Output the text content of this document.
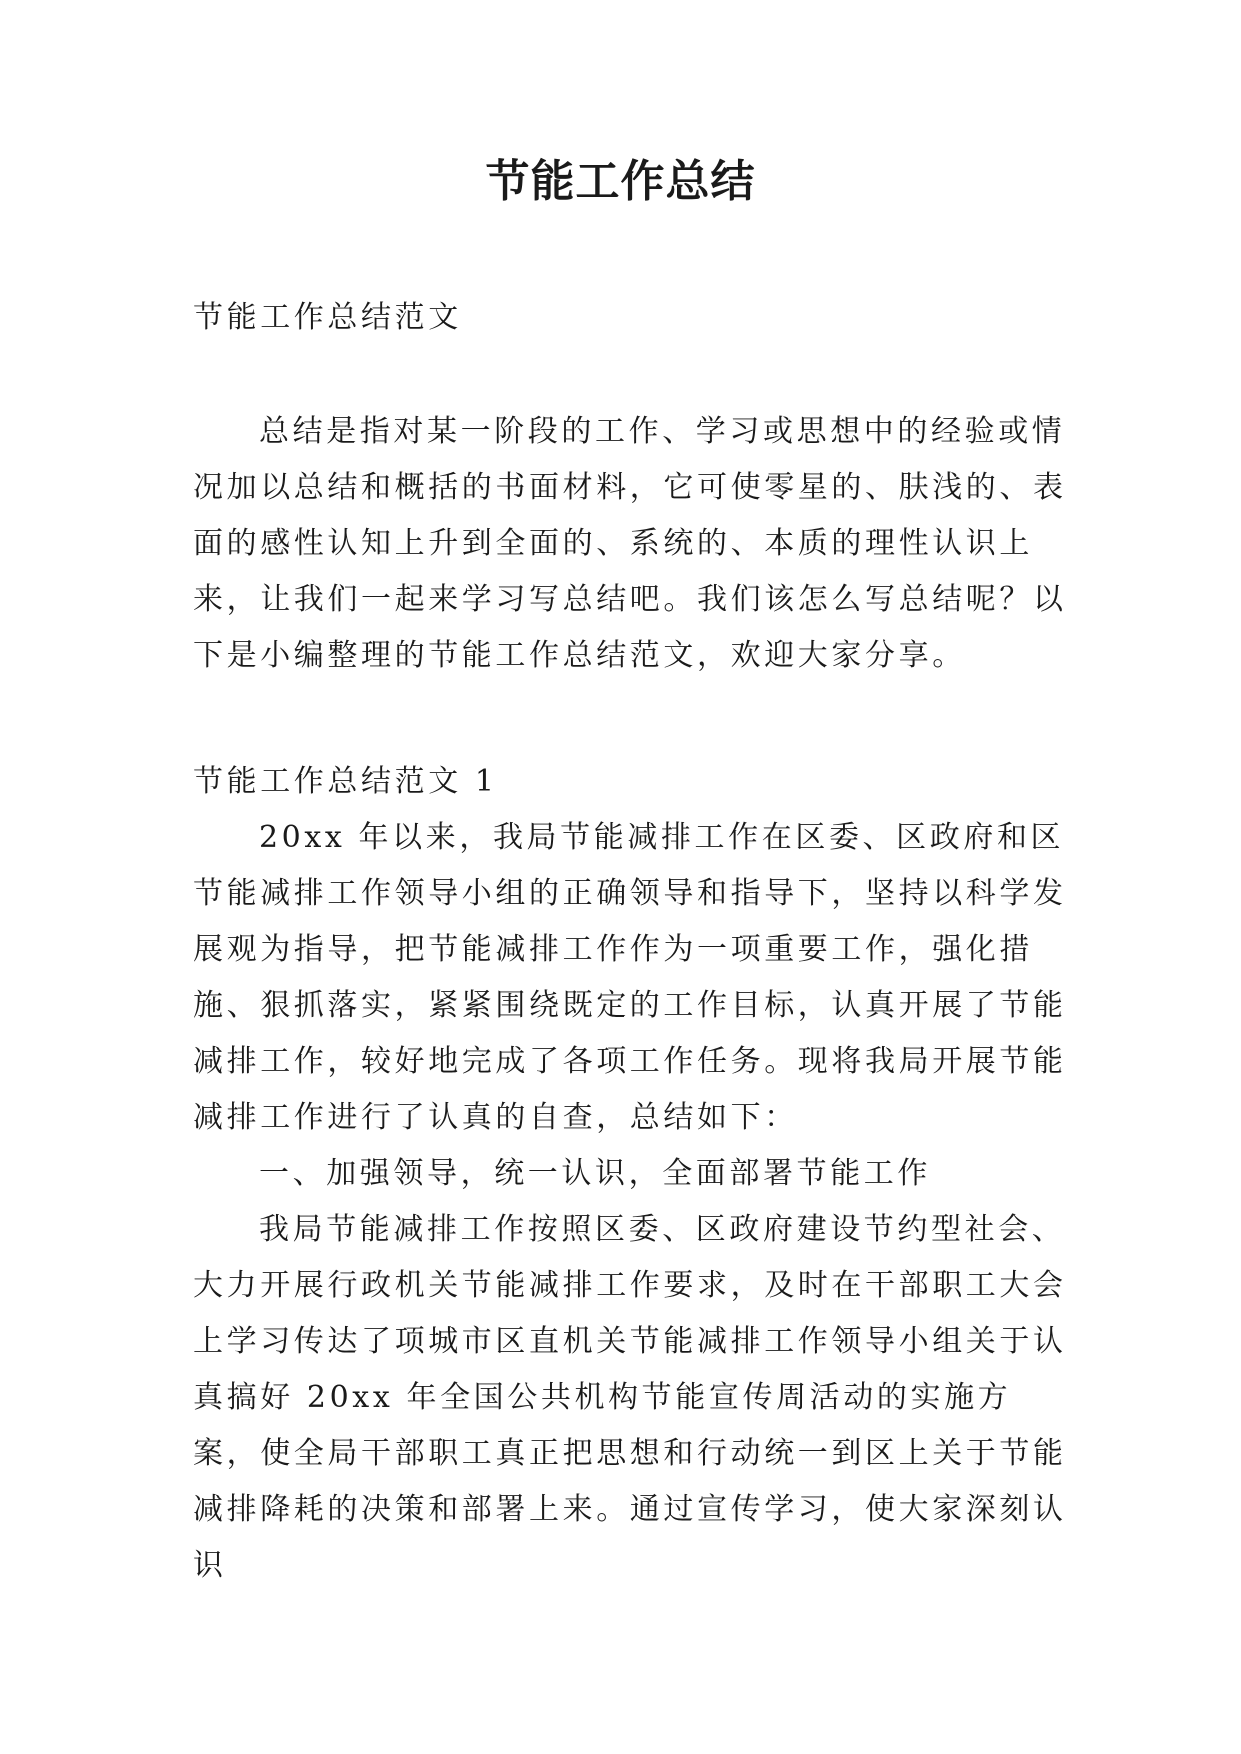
节能工作总结

节能工作总结范文

总结是指对某一阶段的工作、学习或思想中的经验或情况加以总结和概括的书面材料，它可使零星的、肤浅的、表面的感性认知上升到全面的、系统的、本质的理性认识上来，让我们一起来学习写总结吧。我们该怎么写总结呢？以下是小编整理的节能工作总结范文，欢迎大家分享。

节能工作总结范文 1

20xx 年以来，我局节能减排工作在区委、区政府和区节能减排工作领导小组的正确领导和指导下，坚持以科学发展观为指导，把节能减排工作作为一项重要工作，强化措施、狠抓落实，紧紧围绕既定的工作目标，认真开展了节能减排工作，较好地完成了各项工作任务。现将我局开展节能减排工作进行了认真的自查，总结如下：

一、加强领导，统一认识，全面部署节能工作

我局节能减排工作按照区委、区政府建设节约型社会、大力开展行政机关节能减排工作要求，及时在干部职工大会上学习传达了项城市区直机关节能减排工作领导小组关于认真搞好 20xx 年全国公共机构节能宣传周活动的实施方案，使全局干部职工真正把思想和行动统一到区上关于节能减排降耗的决策和部署上来。通过宣传学习，使大家深刻认识
